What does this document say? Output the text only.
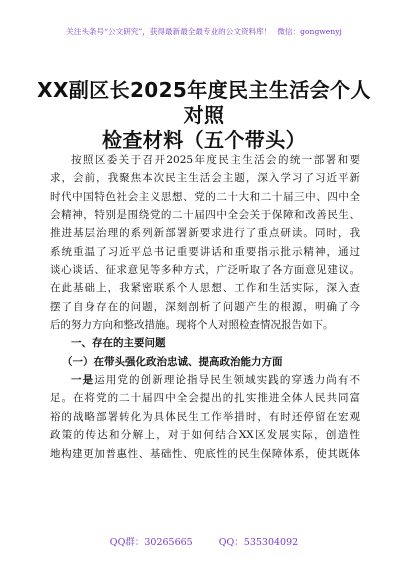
关注头条号“公文研究”，获得最新最全最专业的公文资料库！ 微信：gongwenyj
XX副区长2025年度民主生活会个人对照
检查材料（五个带头）
按照区委关于召开2025年度民主生活会的统一部署和要
求，会前，我聚焦本次民主生活会主题，深入学习了习近平新
时代中国特色社会主义思想、党的二十大和二十届三中、四中全
会精神，特别是围绕党的二十届四中全会关于保障和改善民生、
推进基层治理的系列新部署新要求进行了重点研读。同时，我
系统重温了习近平总书记重要讲话和重要指示批示精神，通过
谈心谈话、征求意见等多种方式，广泛听取了各方面意见建议。
在此基础上，我紧密联系个人思想、工作和生活实际，深入查
摆了自身存在的问题，深刻剖析了问题产生的根源，明确了今
后的努力方向和整改措施。现将个人对照检查情况报告如下。
一、存在的主要问题
（一）在带头强化政治忠诚、提高政治能力方面
一是运用党的创新理论指导民生领域实践的穿透力尚有不
足。在将党的二十届四中全会提出的扎实推进全体人民共同富
裕的战略部署转化为具体民生工作举措时，有时还停留在宏观
政策的传达和分解上，对于如何结合XX区发展实际，创造性
地构建更加普惠性、基础性、兜底性的民生保障体系，使其既体
QQ群：30265665	QQ：535304092
